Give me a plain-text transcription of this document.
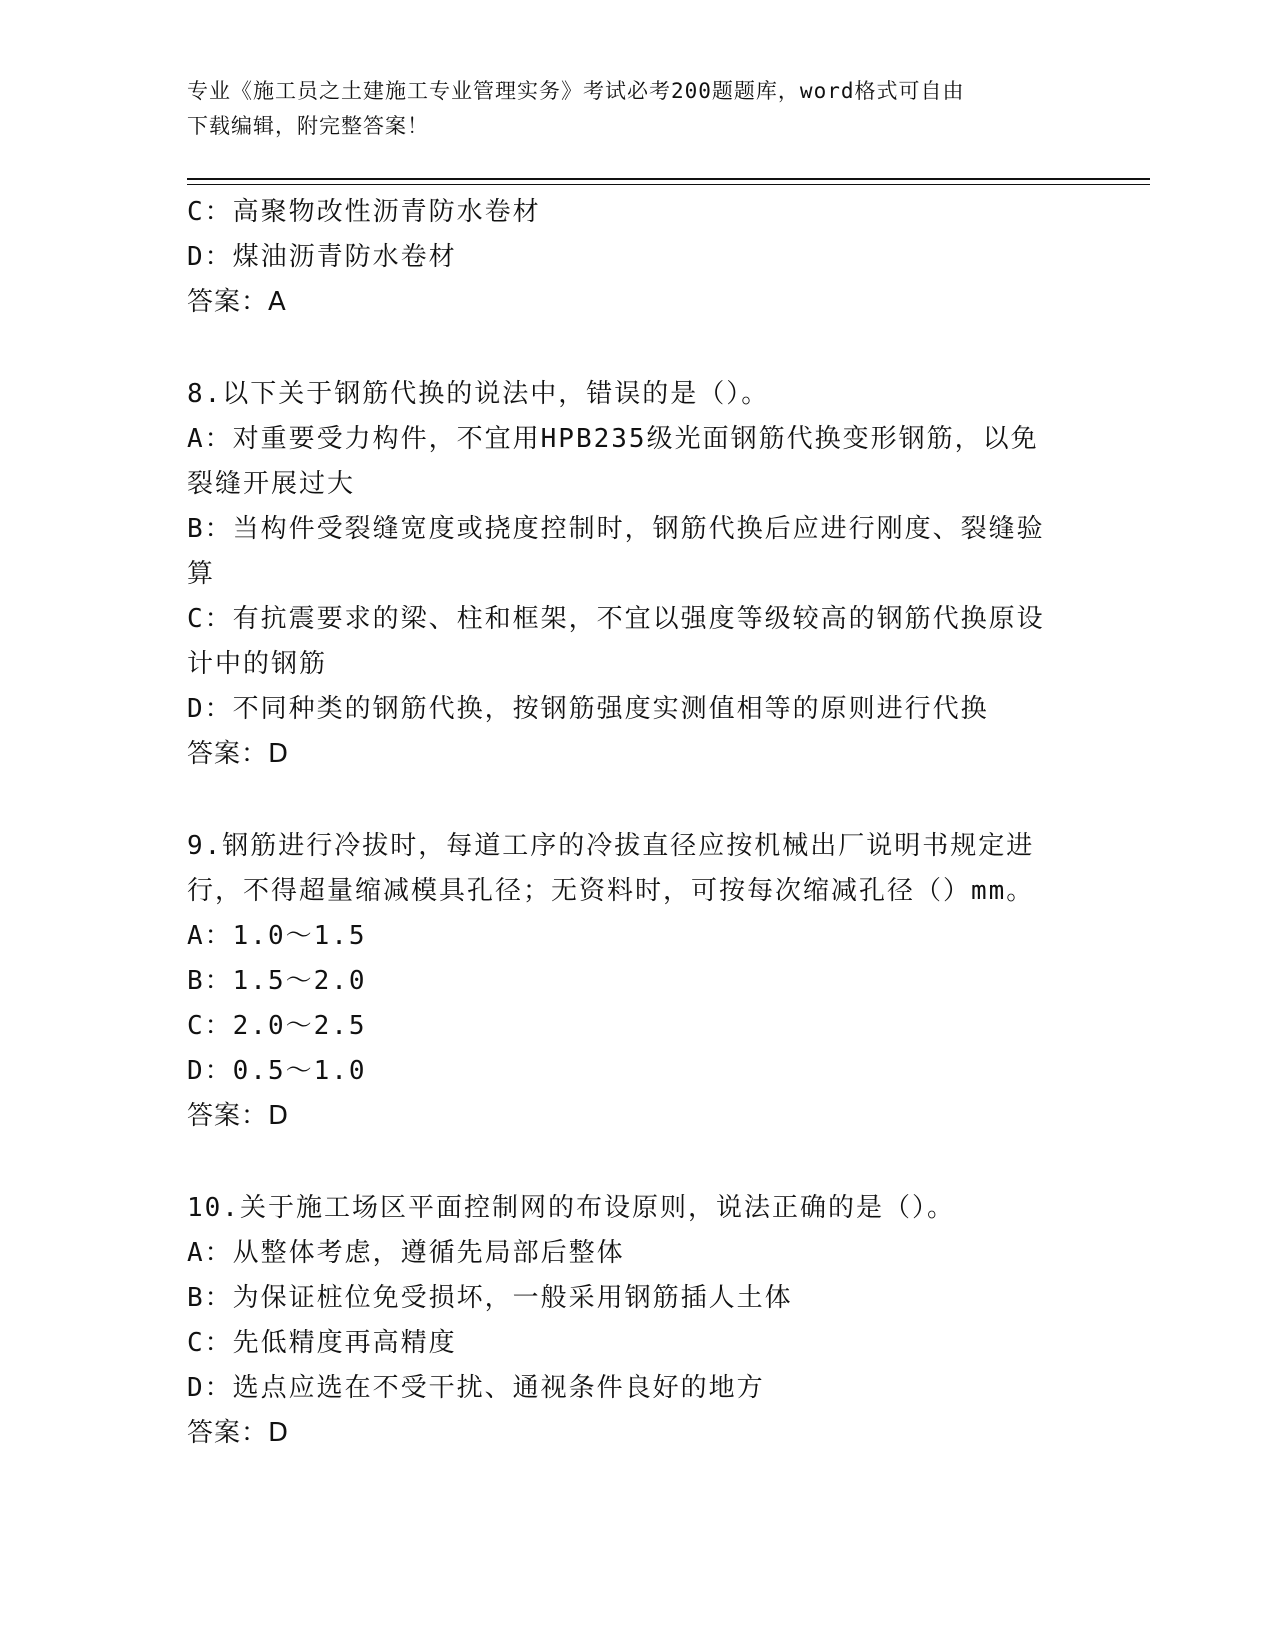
专业《施工员之土建施工专业管理实务》考试必考200题题库，word格式可自由
下载编辑，附完整答案！
C：高聚物改性沥青防水卷材
D：煤油沥青防水卷材
答案：A
8.以下关于钢筋代换的说法中，错误的是（）。
A：对重要受力构件，不宜用HPB235级光面钢筋代换变形钢筋，以免
裂缝开展过大
B：当构件受裂缝宽度或挠度控制时，钢筋代换后应进行刚度、裂缝验
算
C：有抗震要求的梁、柱和框架，不宜以强度等级较高的钢筋代换原设
计中的钢筋
D：不同种类的钢筋代换，按钢筋强度实测值相等的原则进行代换
答案：D
9.钢筋进行冷拔时，每道工序的冷拔直径应按机械出厂说明书规定进
行，不得超量缩减模具孔径；无资料时，可按每次缩减孔径（）mm。
A：1.0～1.5
B：1.5～2.0
C：2.0～2.5
D：0.5～1.0
答案：D
10.关于施工场区平面控制网的布设原则，说法正确的是（）。
A：从整体考虑，遵循先局部后整体
B：为保证桩位免受损坏，一般采用钢筋插人土体
C：先低精度再高精度
D：选点应选在不受干扰、通视条件良好的地方
答案：D
